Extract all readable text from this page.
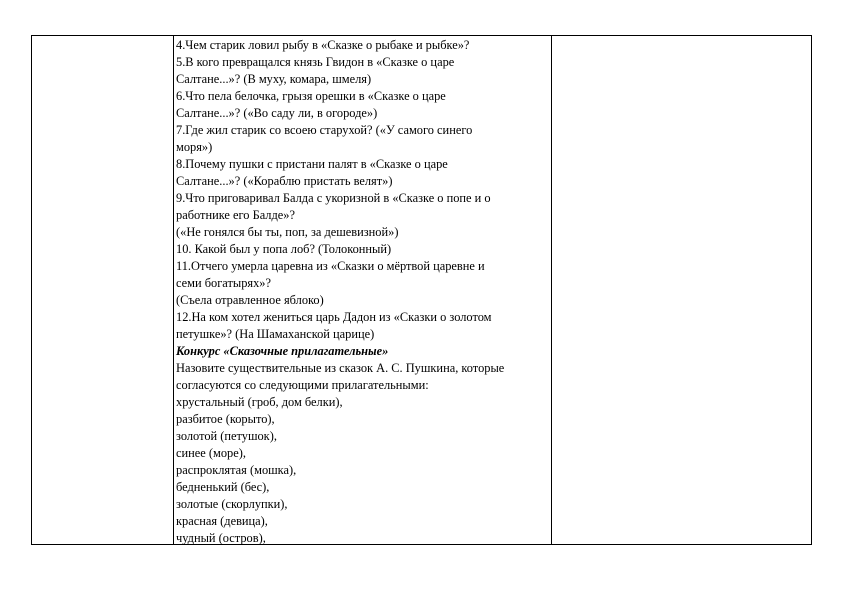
4.Чем старик ловил рыбу в «Сказке о рыбаке и рыбке»?
5.В кого превращался князь Гвидон в «Сказке о царе
Салтане...»? (В муху, комара, шмеля)
6.Что пела белочка, грызя орешки в «Сказке о царе
Салтане...»? («Во саду ли, в огороде»)
7.Где жил старик со всоею старухой? («У самого синего
моря»)
8.Почему пушки с пристани палят в «Сказке о царе
Салтане...»? («Кораблю пристать велят»)
9.Что приговаривал Балда с укоризной в «Сказке о попе и о
работнике его Балде»?
(«Не гонялся бы ты, поп, за дешевизной»)
10. Какой был у попа лоб? (Толоконный)
11.Отчего умерла царевна из «Сказки о мёртвой царевне и
семи богатырях»?
(Съела отравленное яблоко)
12.На ком хотел жениться царь Дадон из «Сказки о золотом
петушке»? (На Шамаханской царице)
Конкурс «Сказочные прилагательные»
Назовите существительные из сказок А. С. Пушкина, которые
согласуются со следующими прилагательными:
хрустальный (гроб, дом белки),
разбитое (корыто),
золотой (петушок),
синее (море),
распроклятая (мошка),
бедненький (бес),
золотые (скорлупки),
красная (девица),
чудный (остров),
